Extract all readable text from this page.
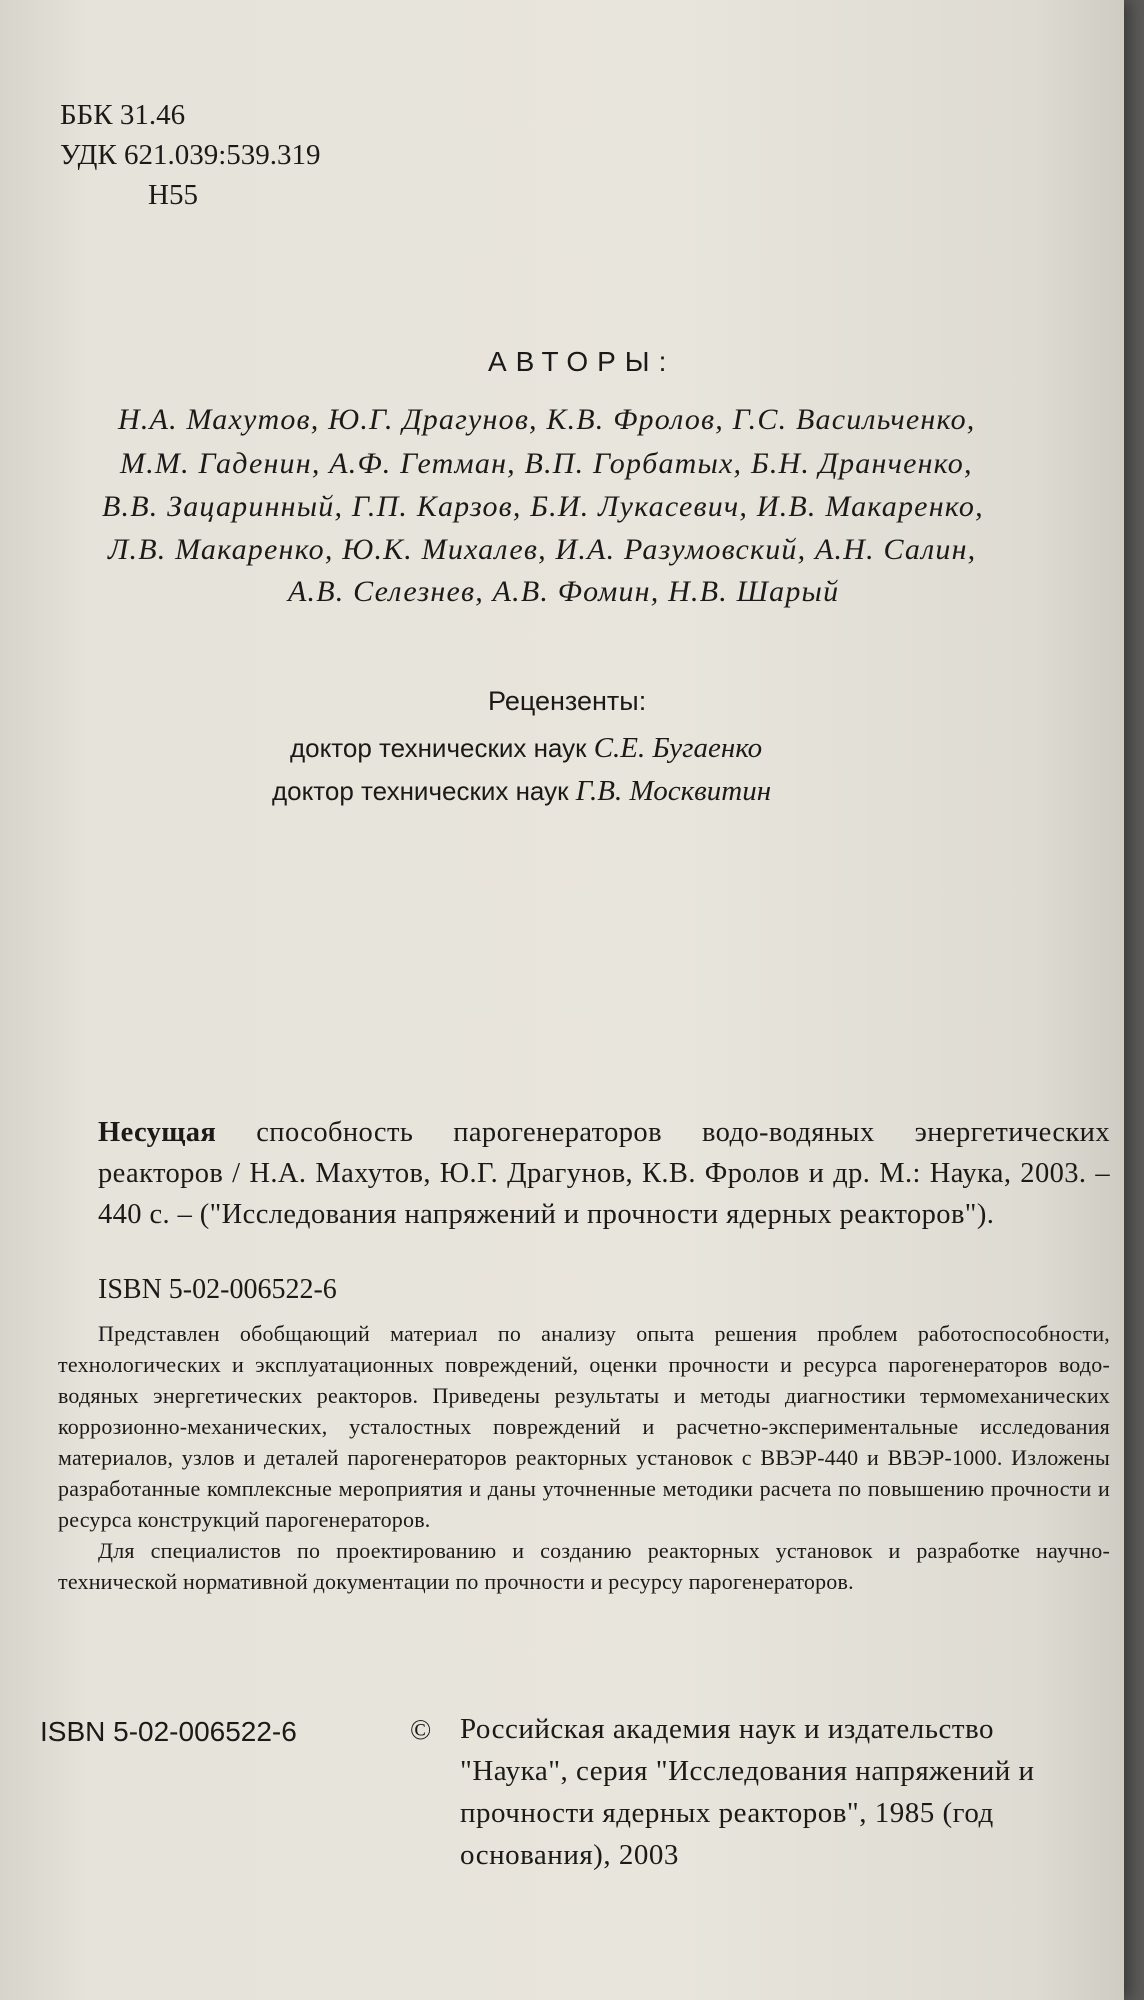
ББК 31.46
УДК 621.039:539.319
Н55
АВТОРЫ:
Н.А. Махутов, Ю.Г. Драгунов, К.В. Фролов, Г.С. Васильченко,
М.М. Гаденин, А.Ф. Гетман, В.П. Горбатых, Б.Н. Дранченко,
В.В. Зацаринный, Г.П. Карзов, Б.И. Лукасевич, И.В. Макаренко,
Л.В. Макаренко, Ю.К. Михалев, И.А. Разумовский, А.Н. Салин,
А.В. Селезнев, А.В. Фомин, Н.В. Шарый
Рецензенты:
доктор технических наук С.Е. Бугаенко
доктор технических наук Г.В. Москвитин
Несущая способность парогенераторов водо-водяных энергетических реакторов / Н.А. Махутов, Ю.Г. Драгунов, К.В. Фролов и др. М.: Наука, 2003. – 440 с. – ("Исследования напряжений и прочности ядерных реакторов").
ISBN 5-02-006522-6

Представлен обобщающий материал по анализу опыта решения проблем работоспособности, технологических и эксплуатационных повреждений, оценки прочности и ресурса парогенераторов водо-водяных энергетических реакторов. Приведены результаты и методы диагностики термомеханических коррозионно-механических, усталостных повреждений и расчетно-экспериментальные исследования материалов, узлов и деталей парогенераторов реакторных установок с ВВЭР-440 и ВВЭР-1000. Изложены разработанные комплексные мероприятия и даны уточненные методики расчета по повышению прочности и ресурса конструкций парогенераторов.

Для специалистов по проектированию и созданию реакторных установок и разработке научно-технической нормативной документации по прочности и ресурсу парогенераторов.

ISBN 5-02-006522-6	© Российская академия наук и издательство "Наука", серия "Исследования напряжений и прочности ядерных реакторов", 1985 (год основания), 2003
